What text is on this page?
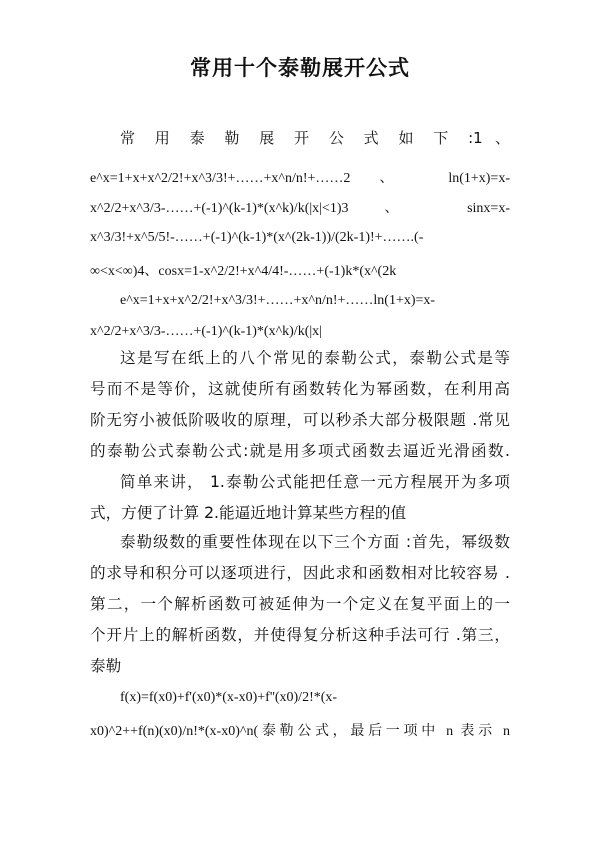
常用十个泰勒展开公式
常 用 泰 勒 展 开 公 式 如 下 :1 、
e^x=1+x+x^2/2!+x^3/3!+……+x^n/n!+……2 、 ln(1+x)=x-
x^2/2+x^3/3-……+(-1)^(k-1)*(x^k)/k(|x|<1)3 、 sinx=x-
x^3/3!+x^5/5!-……+(-1)^(k-1)*(x^(2k-1))/(2k-1)!+…….(-
∞<x<∞)4、cosx=1-x^2/2!+x^4/4!-……+(-1)k*(x^(2k
e^x=1+x+x^2/2!+x^3/3!+……+x^n/n!+……ln(1+x)=x-
x^2/2+x^3/3-……+(-1)^(k-1)*(x^k)/k(|x|
这是写在纸上的八个常见的泰勒公式，泰勒公式是等
号而不是等价，这就使所有函数转化为幂函数，在利用高
阶无穷小被低阶吸收的原理，可以秒杀大部分极限题 .常见
的泰勒公式泰勒公式:就是用多项式函数去逼近光滑函数.
简单来讲， 1.泰勒公式能把任意一元方程展开为多项
式，方便了计算 2.能逼近地计算某些方程的值
泰勒级数的重要性体现在以下三个方面 :首先，幂级数
的求导和积分可以逐项进行，因此求和函数相对比较容易 .
第二，一个解析函数可被延伸为一个定义在复平面上的一
个开片上的解析函数，并使得复分析这种手法可行 .第三，
泰勒
f(x)=f(x0)+f'(x0)*(x-x0)+f''(x0)/2!*(x-
x0)^2++f(n)(x0)/n!*(x-x0)^n(泰勒公式，最后一项中 n 表示 n
